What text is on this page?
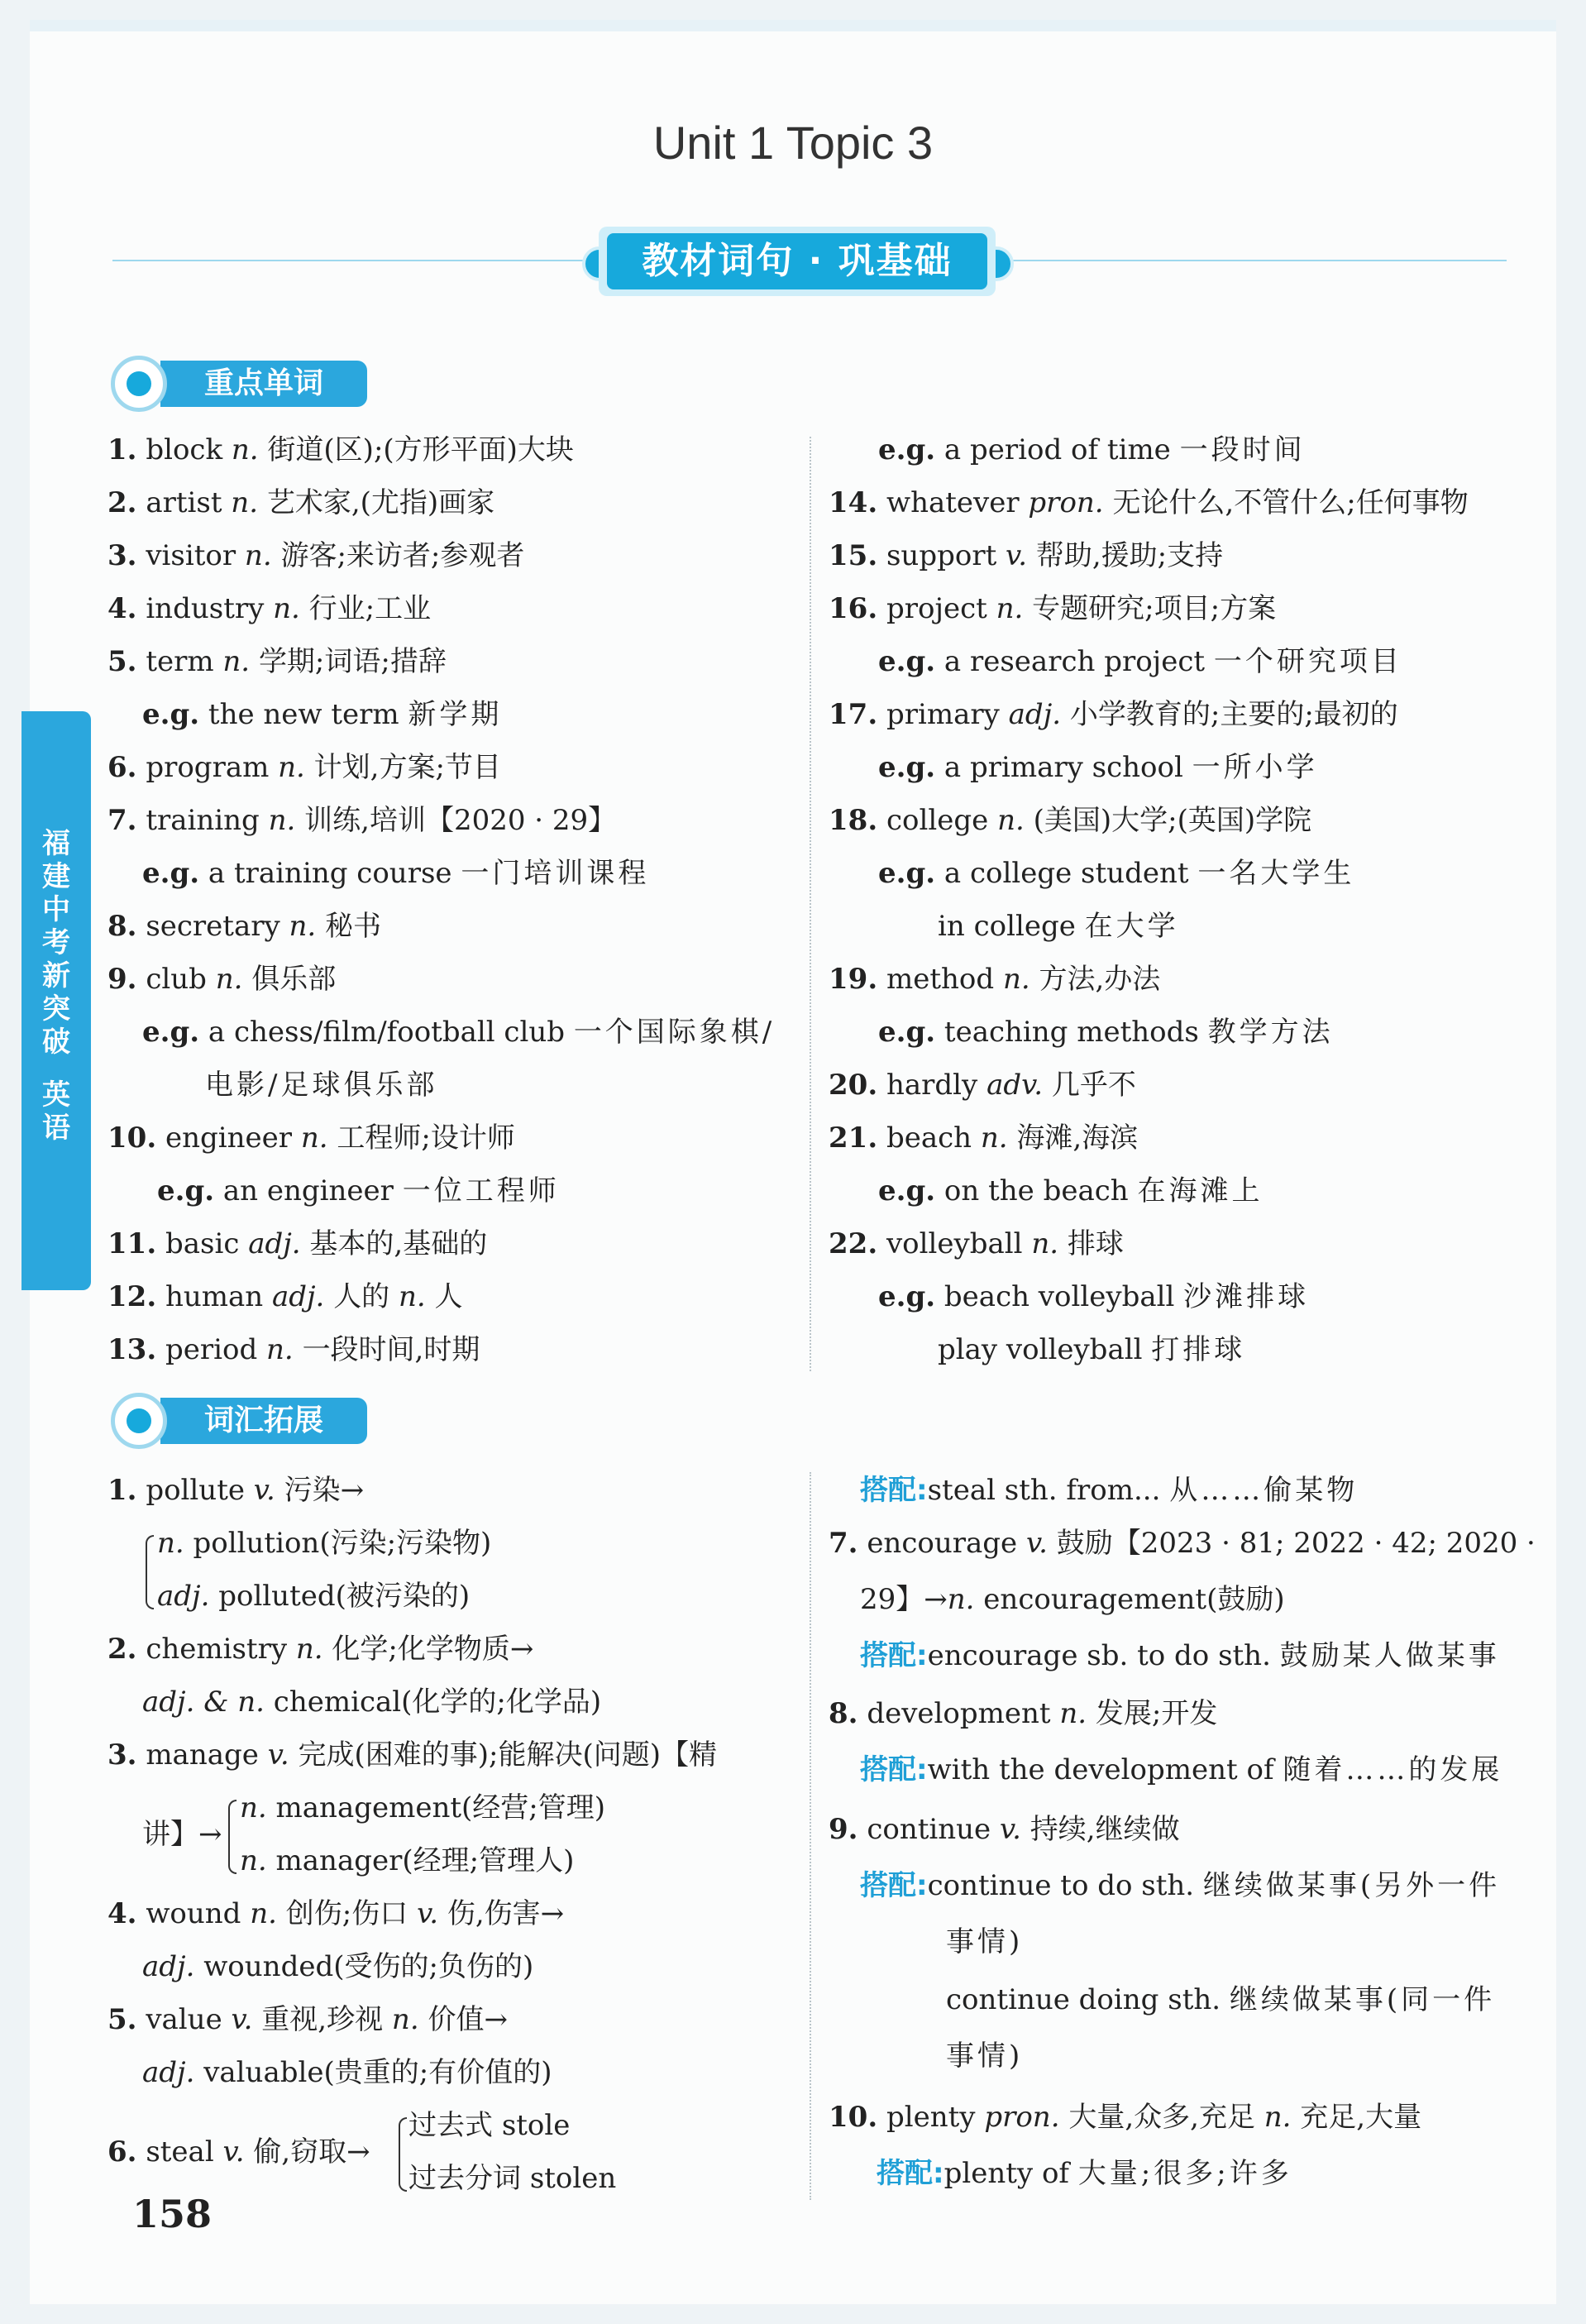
Unit 1 Topic 3
教材词句 · 巩基础
福
建
中
考
新
突
破
英
语
重点单词
词汇拓展
1. block n. 街道(区);(方形平面)大块
2. artist n. 艺术家,(尤指)画家
3. visitor n. 游客;来访者;参观者
4. industry n. 行业;工业
5. term n. 学期;词语;措辞
e.g. the new term 新学期
6. program n. 计划,方案;节目
7. training n. 训练,培训【2020 · 29】
e.g. a training course 一门培训课程
8. secretary n. 秘书
9. club n. 俱乐部
e.g. a chess/film/football club 一个国际象棋/
电影/足球俱乐部
10. engineer n. 工程师;设计师
e.g. an engineer 一位工程师
11. basic adj. 基本的,基础的
12. human adj. 人的 n. 人
13. period n. 一段时间,时期
e.g. a period of time 一段时间
14. whatever pron. 无论什么,不管什么;任何事物
15. support v. 帮助,援助;支持
16. project n. 专题研究;项目;方案
e.g. a research project 一个研究项目
17. primary adj. 小学教育的;主要的;最初的
e.g. a primary school 一所小学
18. college n. (美国)大学;(英国)学院
e.g. a college student 一名大学生
in college 在大学
19. method n. 方法,办法
e.g. teaching methods 教学方法
20. hardly adv. 几乎不
21. beach n. 海滩,海滨
e.g. on the beach 在海滩上
22. volleyball n. 排球
e.g. beach volleyball 沙滩排球
play volleyball 打排球
1. pollute v. 污染→
n. pollution(污染;污染物)
adj. polluted(被污染的)
2. chemistry n. 化学;化学物质→
adj. & n. chemical(化学的;化学品)
3. manage v. 完成(困难的事);能解决(问题)【精
讲】→
n. management(经营;管理)
n. manager(经理;管理人)
4. wound n. 创伤;伤口 v. 伤,伤害→
adj. wounded(受伤的;负伤的)
5. value v. 重视,珍视 n. 价值→
adj. valuable(贵重的;有价值的)
6. steal v. 偷,窃取→
过去式 stole
过去分词 stolen
搭配:steal sth. from... 从……偷某物
7. encourage v. 鼓励【2023 · 81; 2022 · 42; 2020 ·
29】→n. encouragement(鼓励)
搭配:encourage sb. to do sth. 鼓励某人做某事
8. development n. 发展;开发
搭配:with the development of 随着……的发展
9. continue v. 持续,继续做
搭配:continue to do sth. 继续做某事(另外一件
事情)
continue doing sth. 继续做某事(同一件
事情)
10. plenty pron. 大量,众多,充足 n. 充足,大量
搭配:plenty of 大量;很多;许多
158
